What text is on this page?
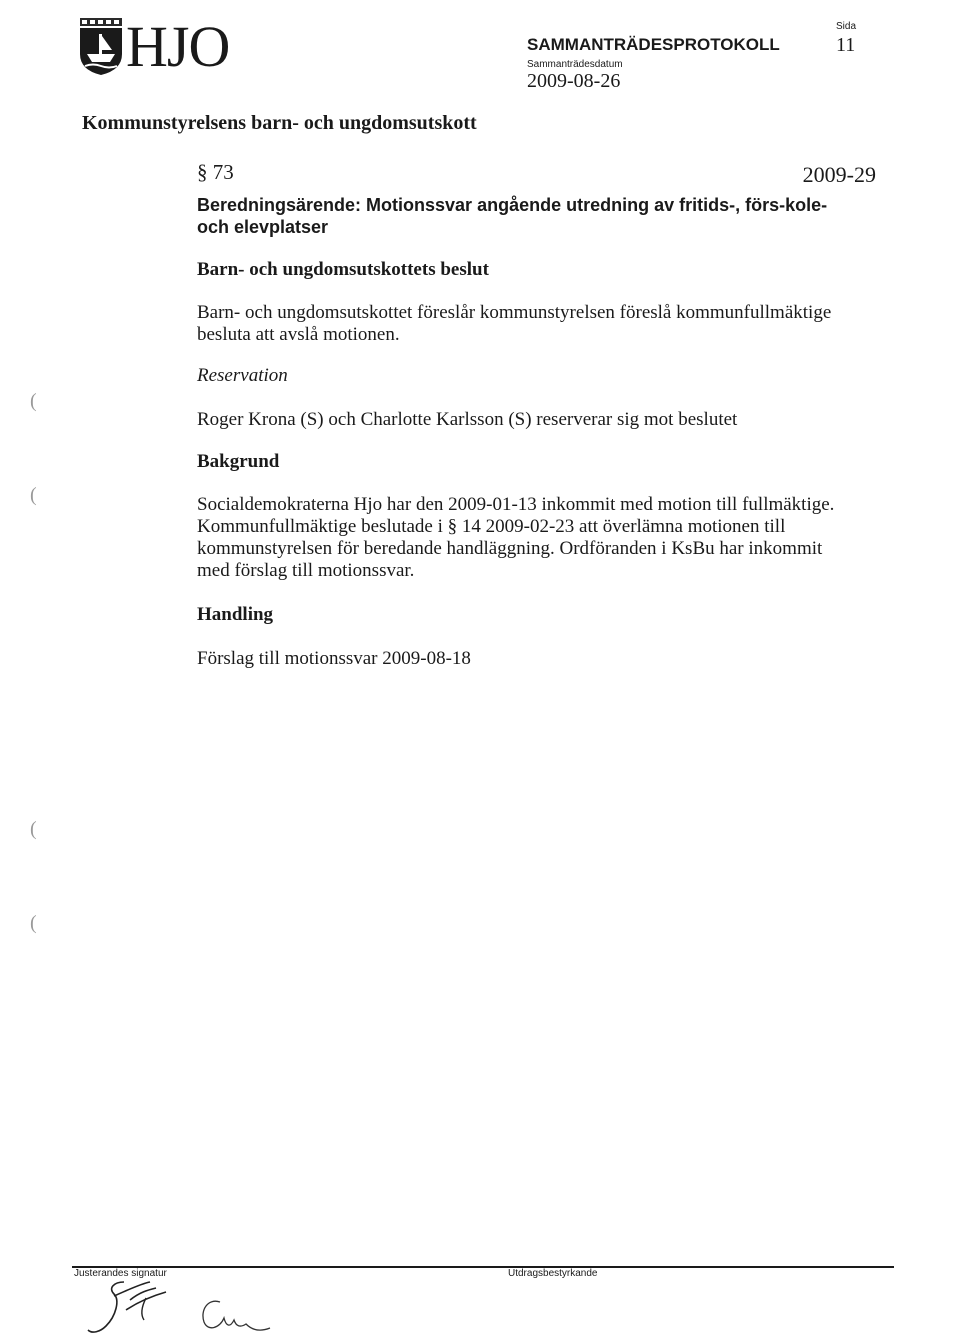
HJO	SAMMANTRÄDESPROTOKOLL
Sammanträdesdatum
2009-08-26
Sida
11
Kommunstyrelsens barn- och ungdomsutskott
§ 73	2009-29
Beredningsärende: Motionssvar angående utredning av fritids-, förs-kole- och elevplatser
Barn- och ungdomsutskottets beslut
Barn- och ungdomsutskottet föreslår kommunstyrelsen föreslå kommunfullmäktige besluta att avslå motionen.
Reservation
Roger Krona (S) och Charlotte Karlsson (S) reserverar sig mot beslutet
Bakgrund
Socialdemokraterna Hjo har den 2009-01-13 inkommit med motion till fullmäktige. Kommunfullmäktige beslutade i § 14 2009-02-23 att överlämna motionen till kommunstyrelsen för beredande handläggning. Ordföranden i KsBu har inkommit med förslag till motionssvar.
Handling
Förslag till motionssvar 2009-08-18
(
(
(
(
Justerandes signatur	Utdragsbestyrkande
